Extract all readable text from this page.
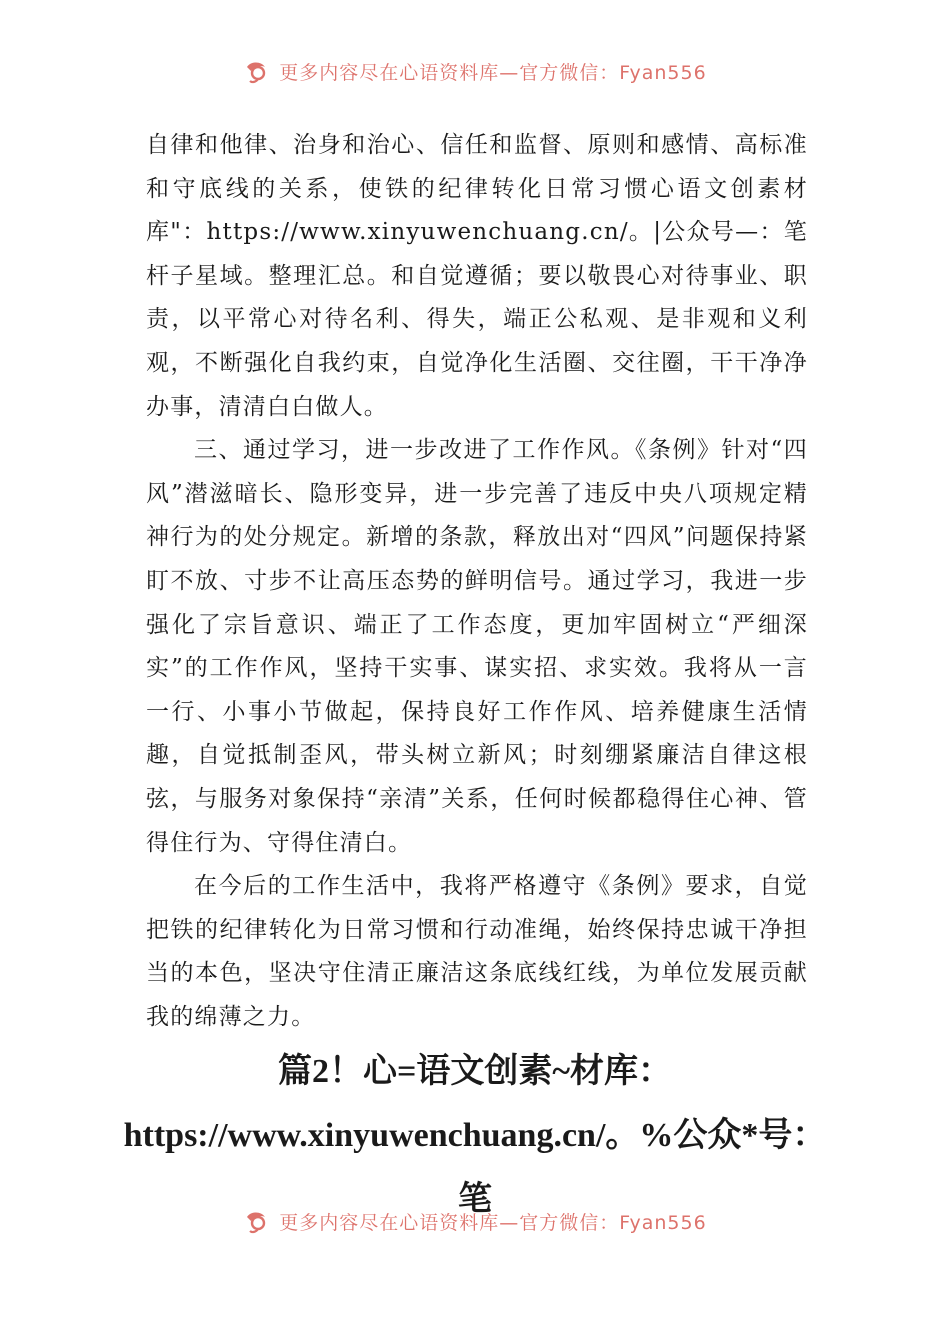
更多内容尽在心语资料库—官方微信：Fyan556

自律和他律、治身和治心、信任和监督、原则和感情、高标准和守底线的关系，使铁的纪律转化日常习惯心语文创素材库"：https://www.xinyuwenchuang.cn/。|公众号—：笔杆子星域。整理汇总。和自觉遵循；要以敬畏心对待事业、职责，以平常心对待名利、得失，端正公私观、是非观和义利观，不断强化自我约束，自觉净化生活圈、交往圈，干干净净办事，清清白白做人。

三、通过学习，进一步改进了工作作风。《条例》针对“四风”潜滋暗长、隐形变异，进一步完善了违反中央八项规定精神行为的处分规定。新增的条款，释放出对“四风”问题保持紧盯不放、寸步不让高压态势的鲜明信号。通过学习，我进一步强化了宗旨意识、端正了工作态度，更加牢固树立“严细深实”的工作作风，坚持干实事、谋实招、求实效。我将从一言一行、小事小节做起，保持良好工作作风、培养健康生活情趣，自觉抵制歪风，带头树立新风；时刻绷紧廉洁自律这根弦，与服务对象保持“亲清”关系，任何时候都稳得住心神、管得住行为、守得住清白。

在今后的工作生活中，我将严格遵守《条例》要求，自觉把铁的纪律转化为日常习惯和行动准绳，始终保持忠诚干净担当的本色，坚决守住清正廉洁这条底线红线，为单位发展贡献我的绵薄之力。

篇2！心=语文创素~材库：https://www.xinyuwenchuang.cn/。%公众*号：笔

更多内容尽在心语资料库—官方微信：Fyan556
